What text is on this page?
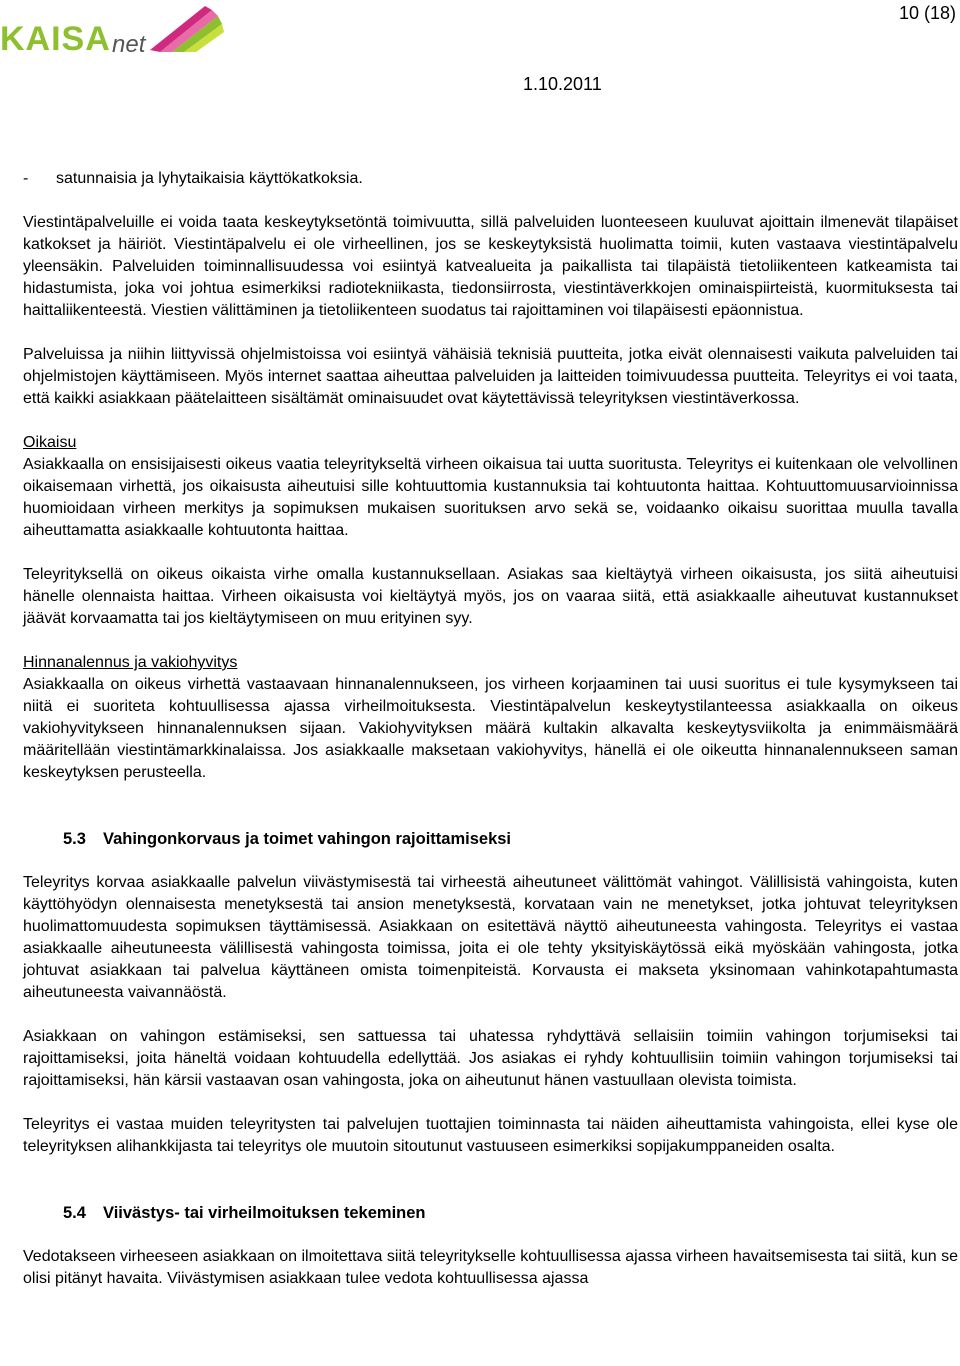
KAISA net
10 (18)
1.10.2011
-	satunnaisia ja lyhytaikaisia käyttökatkoksia.

Viestintäpalveluille ei voida taata keskeytyksetöntä toimivuutta, sillä palveluiden luonteeseen kuuluvat ajoittain ilmenevät tilapäiset katkokset ja häiriöt. Viestintäpalvelu ei ole virheellinen, jos se keskeytyksistä huolimatta toimii, kuten vastaava viestintäpalvelu yleensäkin. Palveluiden toiminnallisuudessa voi esiintyä katvealueita ja paikallista tai tilapäistä tietoliikenteen katkeamista tai hidastumista, joka voi johtua esimerkiksi radiotekniikasta, tiedonsiirrosta, viestintäverkkojen ominaispiirteistä, kuormituksesta tai haittaliikenteestä. Viestien välittäminen ja tietoliikenteen suodatus tai rajoittaminen voi tilapäisesti epäonnistua.

Palveluissa ja niihin liittyvissä ohjelmistoissa voi esiintyä vähäisiä teknisiä puutteita, jotka eivät olennaisesti vaikuta palveluiden tai ohjelmistojen käyttämiseen. Myös internet saattaa aiheuttaa palveluiden ja laitteiden toimivuudessa puutteita. Teleyritys ei voi taata, että kaikki asiakkaan päätelaitteen sisältämät ominaisuudet ovat käytettävissä teleyrityksen viestintäverkossa.

Oikaisu

Asiakkaalla on ensisijaisesti oikeus vaatia teleyritykseltä virheen oikaisua tai uutta suoritusta. Teleyritys ei kuitenkaan ole velvollinen oikaisemaan virhettä, jos oikaisusta aiheutuisi sille kohtuuttomia kustannuksia tai kohtuutonta haittaa. Kohtuuttomuusarvioinnissa huomioidaan virheen merkitys ja sopimuksen mukaisen suorituksen arvo sekä se, voidaanko oikaisu suorittaa muulla tavalla aiheuttamatta asiakkaalle kohtuutonta haittaa.

Teleyrityksellä on oikeus oikaista virhe omalla kustannuksellaan. Asiakas saa kieltäytyä virheen oikaisusta, jos siitä aiheutuisi hänelle olennaista haittaa. Virheen oikaisusta voi kieltäytyä myös, jos on vaaraa siitä, että asiakkaalle aiheutuvat kustannukset jäävät korvaamatta tai jos kieltäytymiseen on muu erityinen syy.

Hinnanalennus ja vakiohyvitys

Asiakkaalla on oikeus virhettä vastaavaan hinnanalennukseen, jos virheen korjaaminen tai uusi suoritus ei tule kysymykseen tai niitä ei suoriteta kohtuullisessa ajassa virheilmoituksesta. Viestintäpalvelun keskeytystilanteessa asiakkaalla on oikeus vakiohyvitykseen hinnanalennuksen sijaan. Vakiohyvityksen määrä kultakin alkavalta keskeytysviikolta ja enimmäismäärä määritellään viestintämarkkinalaissa. Jos asiakkaalle maksetaan vakiohyvitys, hänellä ei ole oikeutta hinnanalennukseen saman keskeytyksen perusteella.

5.3 Vahingonkorvaus ja toimet vahingon rajoittamiseksi

Teleyritys korvaa asiakkaalle palvelun viivästymisestä tai virheestä aiheutuneet välittömät vahingot. Välillisistä vahingoista, kuten käyttöhyödyn olennaisesta menetyksestä tai ansion menetyksestä, korvataan vain ne menetykset, jotka johtuvat teleyrityksen huolimattomuudesta sopimuksen täyttämisessä. Asiakkaan on esitettävä näyttö aiheutuneesta vahingosta. Teleyritys ei vastaa asiakkaalle aiheutuneesta välillisestä vahingosta toimissa, joita ei ole tehty yksityiskäytössä eikä myöskään vahingosta, jotka johtuvat asiakkaan tai palvelua käyttäneen omista toimenpiteistä. Korvausta ei makseta yksinomaan vahinkotapahtumasta aiheutuneesta vaivannäöstä.

Asiakkaan on vahingon estämiseksi, sen sattuessa tai uhatessa ryhdyttävä sellaisiin toimiin vahingon torjumiseksi tai rajoittamiseksi, joita häneltä voidaan kohtuudella edellyttää. Jos asiakas ei ryhdy kohtuullisiin toimiin vahingon torjumiseksi tai rajoittamiseksi, hän kärsii vastaavan osan vahingosta, joka on aiheutunut hänen vastuullaan olevista toimista.

Teleyritys ei vastaa muiden teleyritysten tai palvelujen tuottajien toiminnasta tai näiden aiheuttamista vahingoista, ellei kyse ole teleyrityksen alihankkijasta tai teleyritys ole muutoin sitoutunut vastuuseen esimerkiksi sopijakumppaneiden osalta.

5.4 Viivästys- tai virheilmoituksen tekeminen

Vedotakseen virheeseen asiakkaan on ilmoitettava siitä teleyritykselle kohtuullisessa ajassa virheen havaitsemisesta tai siitä, kun se olisi pitänyt havaita. Viivästymisen asiakkaan tulee vedota kohtuullisessa ajassa
